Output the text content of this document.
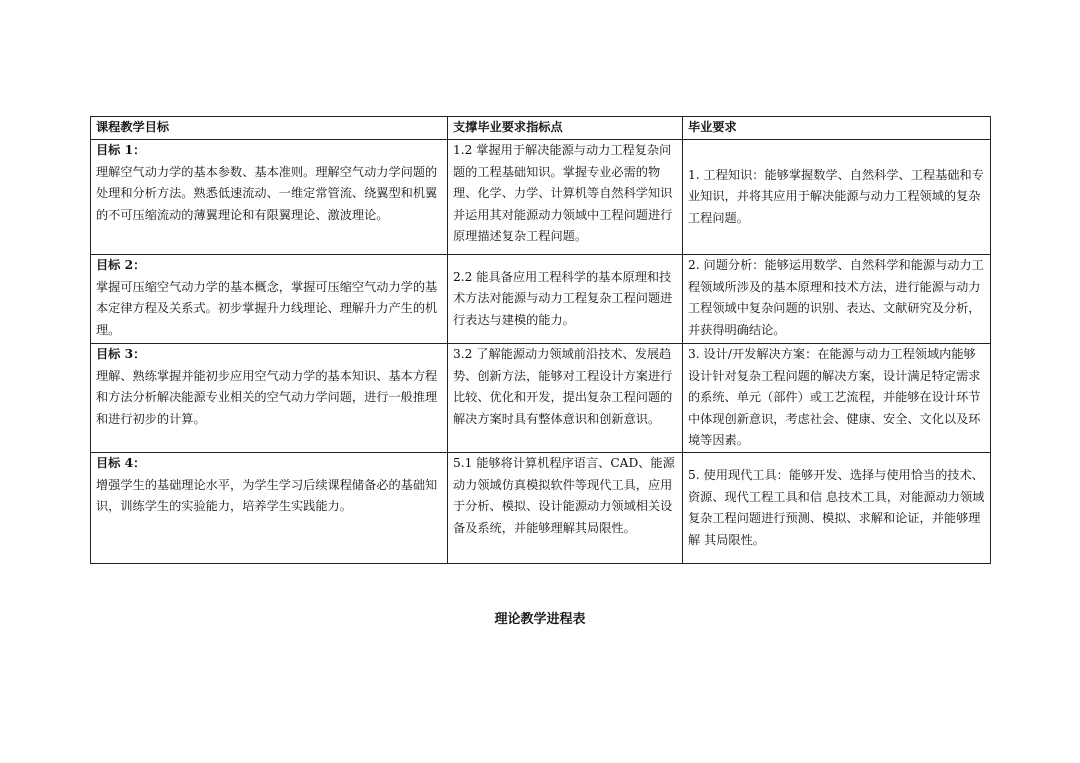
课程教学目标	支撑毕业要求指标点	毕业要求

目标 1：
理解空气动力学的基本参数、基本准则。理解空气动力学问题的处理和分析方法。熟悉低速流动、一维定常管流、绕翼型和机翼的不可压缩流动的薄翼理论和有限翼理论、激波理论。	1.2 掌握用于解决能源与动力工程复杂问题的工程基础知识。掌握专业必需的物理、化学、力学、计算机等自然科学知识并运用其对能源动力领域中工程问题进行原理描述复杂工程问题。	1. 工程知识：能够掌握数学、自然科学、工程基础和专业知识，并将其应用于解决能源与动力工程领域的复杂工程问题。

目标 2：
掌握可压缩空气动力学的基本概念，掌握可压缩空气动力学的基本定律方程及关系式。初步掌握升力线理论、理解升力产生的机理。	2.2 能具备应用工程科学的基本原理和技术方法对能源与动力工程复杂工程问题进行表达与建模的能力。	2. 问题分析：能够运用数学、自然科学和能源与动力工程领域所涉及的基本原理和技术方法，进行能源与动力工程领域中复杂问题的识别、表达、文献研究及分析，并获得明确结论。

目标 3：
理解、熟练掌握并能初步应用空气动力学的基本知识、基本方程和方法分析解决能源专业相关的空气动力学问题，进行一般推理和进行初步的计算。	3.2 了解能源动力领域前沿技术、发展趋势、创新方法，能够对工程设计方案进行比较、优化和开发，提出复杂工程问题的解决方案时具有整体意识和创新意识。	3. 设计/开发解决方案：在能源与动力工程领域内能够设计针对复杂工程问题的解决方案，设计满足特定需求的系统、单元（部件）或工艺流程，并能够在设计环节中体现创新意识，考虑社会、健康、安全、文化以及环境等因素。

目标 4：
增强学生的基础理论水平，为学生学习后续课程储备必的基础知识，训练学生的实验能力，培养学生实践能力。	5.1 能够将计算机程序语言、CAD、能源动力领域仿真模拟软件等现代工具，应用 于分析、模拟、设计能源动力领域相关设备及系统，并能够理解其局限性。	5. 使用现代工具：能够开发、选择与使用恰当的技术、资源、现代工程工具和信 息技术工具，对能源动力领域复杂工程问题进行预测、模拟、求解和论证，并能够理解 其局限性。
理论教学进程表
